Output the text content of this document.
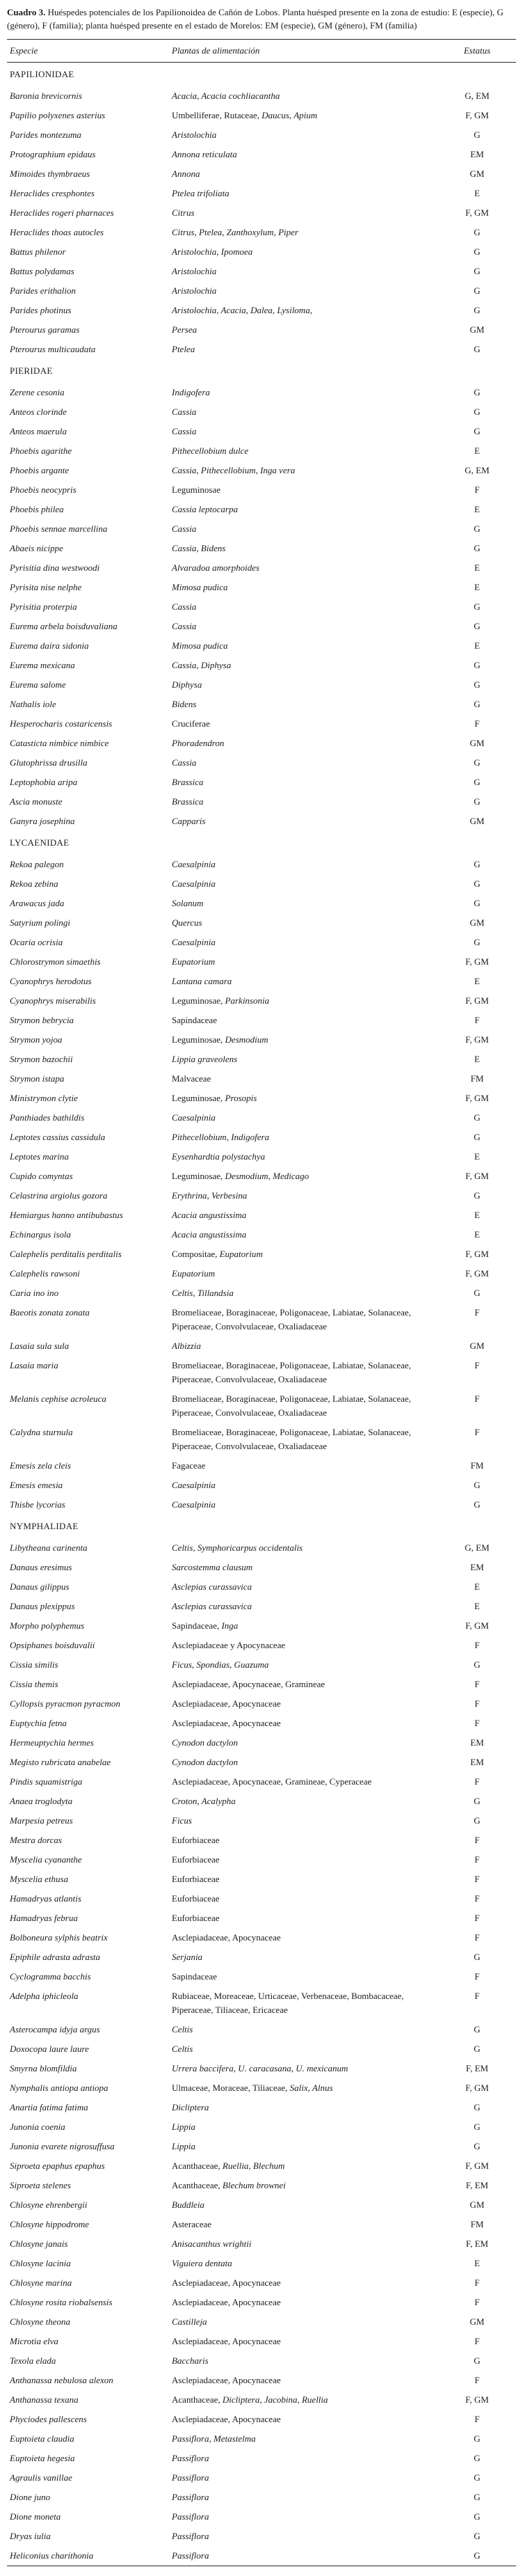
Cuadro 3. Huéspedes potenciales de los Papilionoidea de Cañón de Lobos. Planta huésped presente en la zona de estudio: E (especie), G (género), F (familia); planta huésped presente en el estado de Morelos: EM (especie), GM (género), FM (familia)

Especie	Plantas de alimentación	Estatus
PAPILIONIDAE		
Baronia brevicornis	Acacia, Acacia cochliacantha	G, EM
Papilio polyxenes asterius	Umbelliferae, Rutaceae, Daucus, Apium	F, GM
Parides montezuma	Aristolochia	G
Protographium epidaus	Annona reticulata	EM
Mimoides thymbraeus	Annona	GM
Heraclides cresphontes	Ptelea trifoliata	E
Heraclides rogeri pharnaces	Citrus	F, GM
Heraclides thoas autocles	Citrus, Ptelea, Zanthoxylum, Piper	G
Battus philenor	Aristolochia, Ipomoea	G
Battus polydamas	Aristolochia	G
Parides erithalion	Aristolochia	G
Parides photinus	Aristolochia, Acacia, Dalea, Lysiloma,	G
Pterourus garamas	Persea	GM
Pterourus multicaudata	Ptelea	G
PIERIDAE		
Zerene cesonia	Indigofera	G
Anteos clorinde	Cassia	G
Anteos maerula	Cassia	G
Phoebis agarithe	Pithecellobium dulce	E
Phoebis argante	Cassia, Pithecellobium, Inga vera	G, EM
Phoebis neocypris	Leguminosae	F
Phoebis philea	Cassia leptocarpa	E
Phoebis sennae marcellina	Cassia	G
Abaeis nicippe	Cassia, Bidens	G
Pyrisitia dina westwoodi	Alvaradoa amorphoides	E
Pyrisita nise nelphe	Mimosa pudica	E
Pyrisitia proterpia	Cassia	G
Eurema arbela boisduvaliana	Cassia	G
Eurema daira sidonia	Mimosa pudica	E
Eurema mexicana	Cassia, Diphysa	G
Eurema salome	Diphysa	G
Nathalis iole	Bidens	G
Hesperocharis costaricensis	Cruciferae	F
Catasticta nimbice nimbice	Phoradendron	GM
Glutophrissa drusilla	Cassia	G
Leptophobia aripa	Brassica	G
Ascia monuste	Brassica	G
Ganyra josephina	Capparis	GM
LYCAENIDAE		
Rekoa palegon	Caesalpinia	G
Rekoa zebina	Caesalpinia	G
Arawacus jada	Solanum	G
Satyrium polingi	Quercus	GM
Ocaria ocrisia	Caesalpinia	G
Chlorostrymon simaethis	Eupatorium	F, GM
Cyanophrys herodotus	Lantana camara	E
Cyanophrys miserabilis	Leguminosae, Parkinsonia	F, GM
Strymon bebrycia	Sapindaceae	F
Strymon yojoa	Leguminosae, Desmodium	F, GM
Strymon bazochii	Lippia graveolens	E
Strymon istapa	Malvaceae	FM
Ministrymon clytie	Leguminosae, Prosopis	F, GM
Panthiades bathildis	Caesalpinia	G
Leptotes cassius cassidula	Pithecellobium, Indigofera	G
Leptotes marina	Eysenhardtia polystachya	E
Cupido comyntas	Leguminosae, Desmodium, Medicago	F, GM
Celastrina argiolus gozora	Erythrina, Verbesina	G
Hemiargus hanno antibubastus	Acacia angustissima	E
Echinargus isola	Acacia angustissima	E
Calephelis perditalis perditalis	Compositae, Eupatorium	F, GM
Calephelis rawsoni	Eupatorium	F, GM
Caria ino ino	Celtis, Tillandsia	G
Baeotis zonata zonata	Bromeliaceae, Boraginaceae, Poligonaceae, Labiatae, Solanaceae, Piperaceae, Convolvulaceae, Oxaliadaceae	F
Lasaia sula sula	Albizzia	GM
Lasaia maria	Bromeliaceae, Boraginaceae, Poligonaceae, Labiatae, Solanaceae, Piperaceae, Convolvulaceae, Oxaliadaceae	F
Melanis cephise acroleuca	Bromeliaceae, Boraginaceae, Poligonaceae, Labiatae, Solanaceae, Piperaceae, Convolvulaceae, Oxaliadaceae	F
Calydna sturnula	Bromeliaceae, Boraginaceae, Poligonaceae, Labiatae, Solanaceae, Piperaceae, Convolvulaceae, Oxaliadaceae	F
Emesis zela cleis	Fagaceae	FM
Emesis emesia	Caesalpinia	G
Thisbe lycorias	Caesalpinia	G
NYMPHALIDAE		
Libytheana carinenta	Celtis, Symphoricarpus occidentalis	G, EM
Danaus eresimus	Sarcostemma clausum	EM
Danaus gilippus	Asclepias curassavica	E
Danaus plexippus	Asclepias curassavica	E
Morpho polyphemus	Sapindaceae, Inga	F, GM
Opsiphanes boisduvalii	Asclepiadaceae y Apocynaceae	F
Cissia similis	Ficus, Spondias, Guazuma	G
Cissia themis	Asclepiadaceae, Apocynaceae, Gramineae	F
Cyllopsis pyracmon pyracmon	Asclepiadaceae, Apocynaceae	F
Euptychia fetna	Asclepiadaceae, Apocynaceae	F
Hermeuptychia hermes	Cynodon dactylon	EM
Megisto rubricata anabelae	Cynodon dactylon	EM
Pindis squamistriga	Asclepiadaceae, Apocynaceae, Gramineae, Cyperaceae	F
Anaea troglodyta	Croton, Acalypha	G
Marpesia petreus	Ficus	G
Mestra dorcas	Euforbiaceae	F
Myscelia cyananthe	Euforbiaceae	F
Myscelia ethusa	Euforbiaceae	F
Hamadryas atlantis	Euforbiaceae	F
Hamadryas februa	Euforbiaceae	F
Bolboneura sylphis beatrix	Asclepiadaceae, Apocynaceae	F
Epiphile adrasta adrasta	Serjania	G
Cyclogramma bacchis	Sapindaceae	F
Adelpha iphicleola	Rubiaceae, Moreaceae, Urticaceae, Verbenaceae, Bombacaceae, Piperaceae, Tiliaceae, Ericaceae	F
Asterocampa idyja argus	Celtis	G
Doxocopa laure laure	Celtis	G
Smyrna blomfildia	Urrera baccifera, U. caracasana, U. mexicanum	F, EM
Nymphalis antiopa antiopa	Ulmaceae, Moraceae, Tiliaceae, Salix, Alnus	F, GM
Anartia fatima fatima	Dicliptera	G
Junonia coenia	Lippia	G
Junonia evarete nigrosuffusa	Lippia	G
Siproeta epaphus epaphus	Acanthaceae, Ruellia, Blechum	F, GM
Siproeta stelenes	Acanthaceae, Blechum brownei	F, EM
Chlosyne ehrenbergii	Buddleia	GM
Chlosyne hippodrome	Asteraceae	FM
Chlosyne janais	Anisacanthus wrightii	F, EM
Chlosyne lacinia	Viguiera dentata	E
Chlosyne marina	Asclepiadaceae, Apocynaceae	F
Chlosyne rosita riobalsensis	Asclepiadaceae, Apocynaceae	F
Chlosyne theona	Castilleja	GM
Microtia elva	Asclepiadaceae, Apocynaceae	F
Texola elada	Baccharis	G
Anthanassa nebulosa alexon	Asclepiadaceae, Apocynaceae	F
Anthanassa texana	Acanthaceae, Dicliptera, Jacobina, Ruellia	F, GM
Phyciodes pallescens	Asclepiadaceae, Apocynaceae	F
Euptoieta claudia	Passiflora, Metastelma	G
Euptoieta hegesia	Passiflora	G
Agraulis vanillae	Passiflora	G
Dione juno	Passiflora	G
Dione moneta	Passiflora	G
Dryas iulia	Passiflora	G
Heliconius charithonia	Passiflora	G
